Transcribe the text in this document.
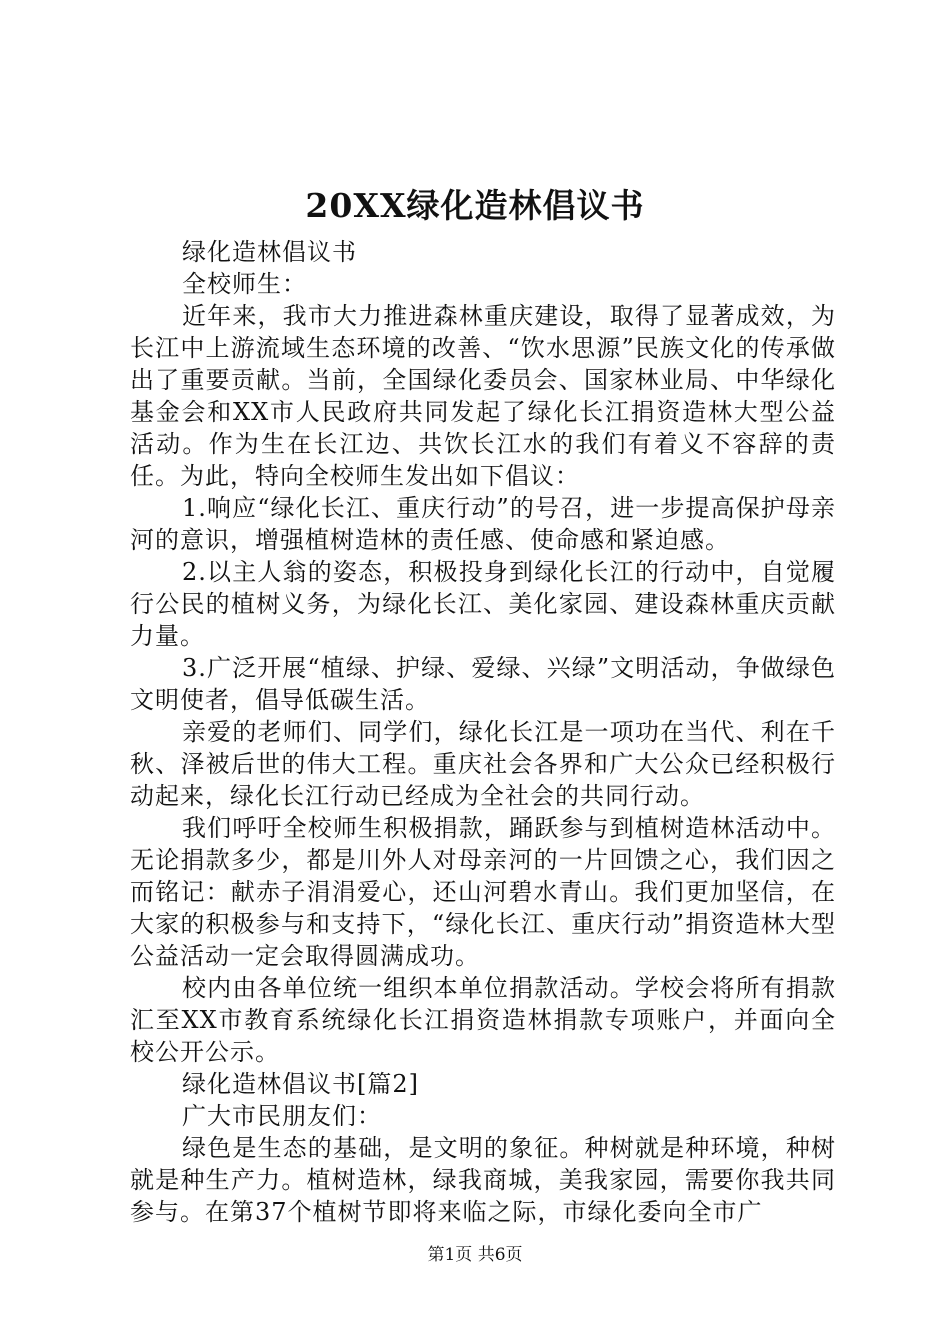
20XX绿化造林倡议书

绿化造林倡议书

全校师生：

近年来，我市大力推进森林重庆建设，取得了显著成效，为长江中上游流域生态环境的改善、“饮水思源”民族文化的传承做出了重要贡献。当前，全国绿化委员会、国家林业局、中华绿化基金会和XX市人民政府共同发起了绿化长江捐资造林大型公益活动。作为生在长江边、共饮长江水的我们有着义不容辞的责任。为此，特向全校师生发出如下倡议：

1.响应“绿化长江、重庆行动”的号召，进一步提高保护母亲河的意识，增强植树造林的责任感、使命感和紧迫感。

2.以主人翁的姿态，积极投身到绿化长江的行动中，自觉履行公民的植树义务，为绿化长江、美化家园、建设森林重庆贡献力量。

3.广泛开展“植绿、护绿、爱绿、兴绿”文明活动，争做绿色文明使者，倡导低碳生活。

亲爱的老师们、同学们，绿化长江是一项功在当代、利在千秋、泽被后世的伟大工程。重庆社会各界和广大公众已经积极行动起来，绿化长江行动已经成为全社会的共同行动。

我们呼吁全校师生积极捐款，踊跃参与到植树造林活动中。无论捐款多少，都是川外人对母亲河的一片回馈之心，我们因之而铭记：献赤子涓涓爱心，还山河碧水青山。我们更加坚信，在大家的积极参与和支持下，“绿化长江、重庆行动”捐资造林大型公益活动一定会取得圆满成功。

校内由各单位统一组织本单位捐款活动。学校会将所有捐款汇至XX市教育系统绿化长江捐资造林捐款专项账户，并面向全校公开公示。

绿化造林倡议书[篇2]

广大市民朋友们：

绿色是生态的基础，是文明的象征。种树就是种环境，种树就是种生产力。植树造林，绿我商城，美我家园，需要你我共同参与。在第37个植树节即将来临之际，市绿化委向全市广

第1页 共6页
